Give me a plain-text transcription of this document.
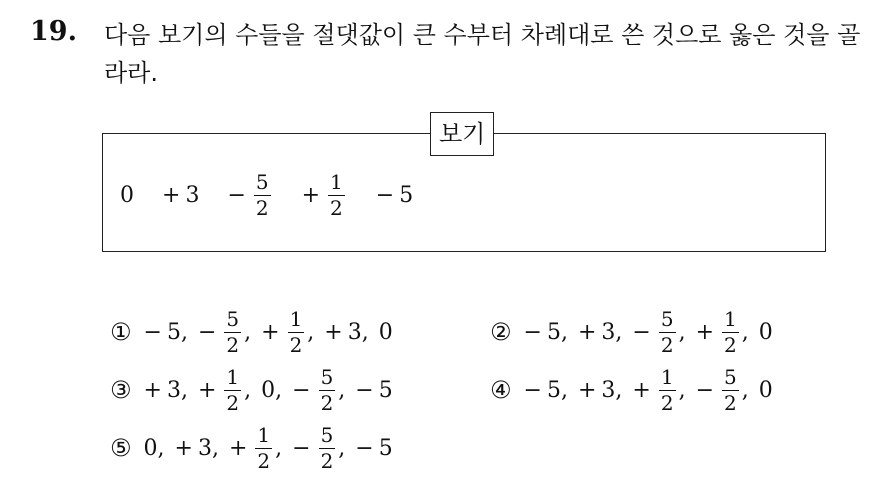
19. 다음 보기의 수들을 절댓값이 큰 수부터 차례대로 쓴 것으로 옳은 것을 골라라.
보기
$0 + 3 - \frac{5}{2} + \frac{1}{2} - 5$
① − 5 , − $\frac{5}{2}$ , + $\frac{1}{2}$ , + 3 , 0	② − 5 , + 3 , − $\frac{5}{2}$ , + $\frac{1}{2}$ , 0
③ + 3 , + $\frac{1}{2}$ , 0 , − $\frac{5}{2}$ , − 5	④ − 5 , + 3 , + $\frac{1}{2}$ , − $\frac{5}{2}$ , 0
⑤ 0 , + 3 , + $\frac{1}{2}$ , − $\frac{5}{2}$ , − 5
